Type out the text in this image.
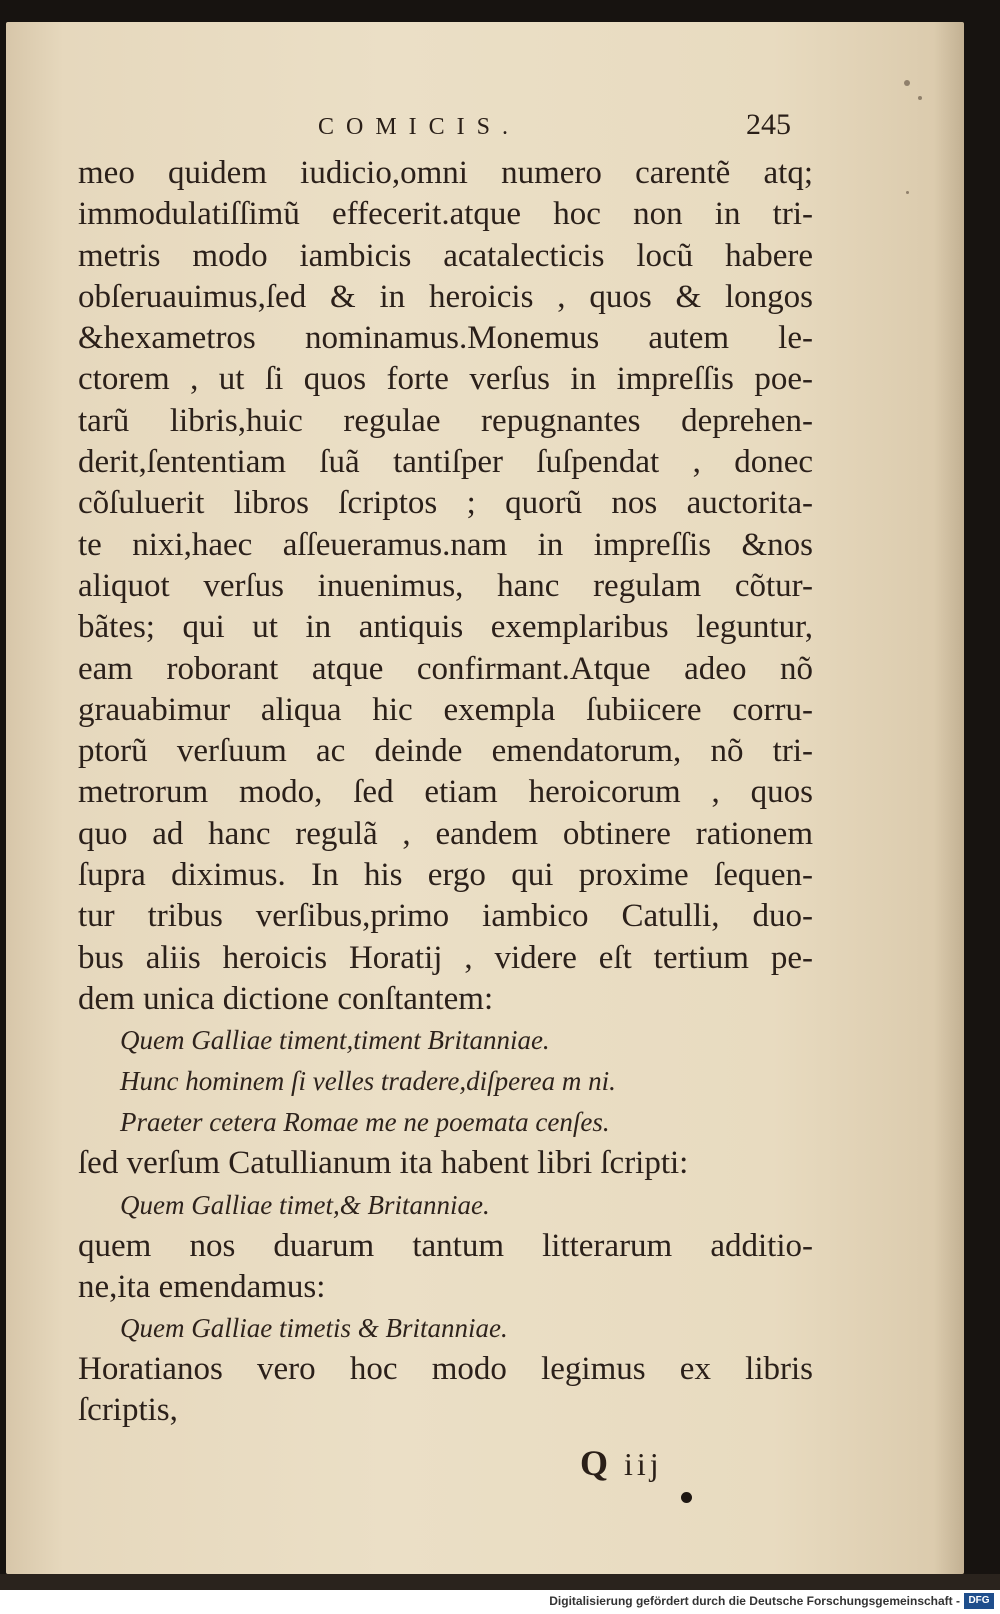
COMICIS.	245
meo quidem iudicio,omni numero carentẽ atq;
immodulatiſſimũ effecerit.atque hoc non in tri-
metris modo iambicis acatalecticis locũ habere
obſeruauimus,ſed & in heroicis , quos & longos
&hexametros nominamus.Monemus autem le-
ctorem , ut ſi quos forte verſus in impreſſis poe-
tarũ libris,huic regulae repugnantes deprehen-
derit,ſententiam ſuã tantiſper ſuſpendat , donec
cõſuluerit libros ſcriptos ; quorũ nos auctorita-
te nixi,haec aſſeueramus.nam in impreſſis &nos
aliquot verſus inuenimus, hanc regulam cõtur-
bãtes; qui ut in antiquis exemplaribus leguntur,
eam roborant atque confirmant.Atque adeo nõ
grauabimur aliqua hic exempla ſubiicere corru-
ptorũ verſuum ac deinde emendatorum, nõ tri-
metrorum modo, ſed etiam heroicorum , quos
quo ad hanc regulã , eandem obtinere rationem
ſupra diximus. In his ergo qui proxime ſequen-
tur tribus verſibus,primo iambico Catulli, duo-
bus aliis heroicis Horatij , videre eſt tertium pe-
dem unica dictione conſtantem:
Quem Galliae timent,timent Britanniae.
Hunc hominem ſi velles tradere,diſperea m ni.
Praeter cetera Romae me ne poemata cenſes.
ſed verſum Catullianum ita habent libri ſcripti:
Quem Galliae timet,& Britanniae.
quem nos duarum tantum litterarum additio-
ne,ita emendamus:
Quem Galliae timetis & Britanniae.
Horatianos vero hoc modo legimus ex libris
ſcriptis,
Q iij
Digitalisierung gefördert durch die Deutsche Forschungsgemeinschaft - DFG
